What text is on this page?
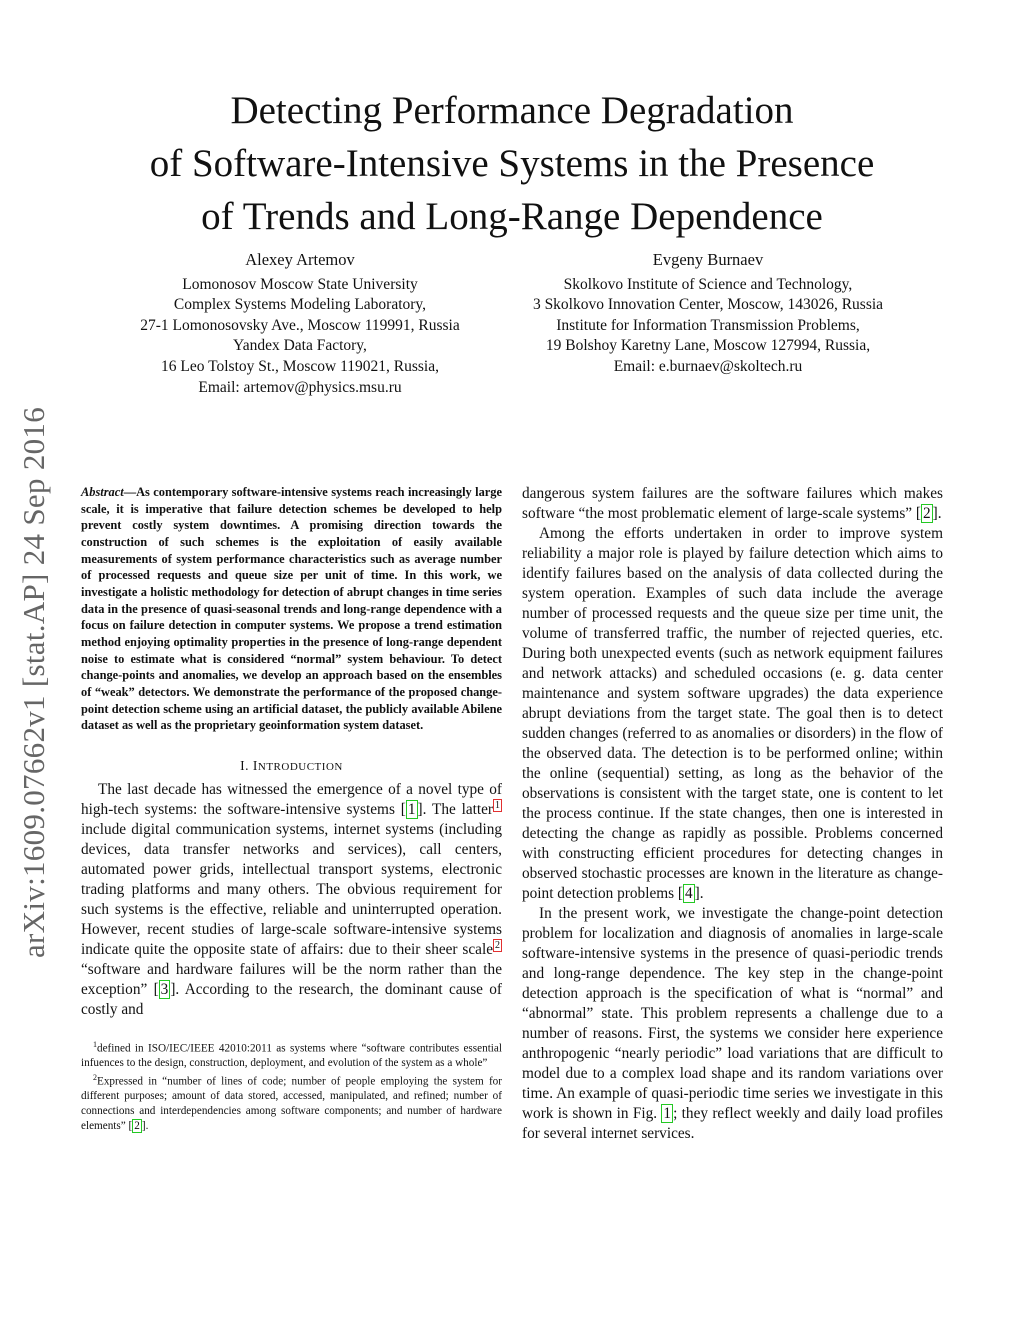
Detecting Performance Degradation
of Software-Intensive Systems in the Presence
of Trends and Long-Range Dependence
Alexey Artemov
Lomonosov Moscow State University
Complex Systems Modeling Laboratory,
27-1 Lomonosovsky Ave., Moscow 119991, Russia
Yandex Data Factory,
16 Leo Tolstoy St., Moscow 119021, Russia,
Email: artemov@physics.msu.ru
Evgeny Burnaev
Skolkovo Institute of Science and Technology,
3 Skolkovo Innovation Center, Moscow, 143026, Russia
Institute for Information Transmission Problems,
19 Bolshoy Karetny Lane, Moscow 127994, Russia,
Email: e.burnaev@skoltech.ru
arXiv:1609.07662v1 [stat.AP] 24 Sep 2016 Abstract—As contemporary software-intensive systems reach increasingly large scale, it is imperative that failure detection schemes be developed to help prevent costly system downtimes. A promising direction towards the construction of such schemes is the exploitation of easily available measurements of system performance characteristics such as average number of processed requests and queue size per unit of time. In this work, we investigate a holistic methodology for detection of abrupt changes in time series data in the presence of quasi-seasonal trends and long-range dependence with a focus on failure detection in computer systems. We propose a trend estimation method enjoying optimality properties in the presence of long-range dependent noise to estimate what is considered “normal” system behaviour. To detect change-points and anomalies, we develop an approach based on the ensembles of “weak” detectors. We demonstrate the performance of the proposed change-point detection scheme using an artificial dataset, the publicly available Abilene dataset as well as the proprietary geoinformation system dataset.

I. INTRODUCTION

The last decade has witnessed the emergence of a novel type of high-tech systems: the software-intensive systems [ 1 ]. The latter $^1$ include digital communication systems, internet systems (including devices, data transfer networks and services), call centers, automated power grids, intellectual transport systems, electronic trading platforms and many others. The obvious requirement for such systems is the effective, reliable and uninterrupted operation. However, recent studies of large-scale software-intensive systems indicate quite the opposite state of affairs: due to their sheer scale $^2$ “software and hardware failures will be the norm rather than the exception” [ 3 ]. According to the research, the dominant cause of costly and

$^1$defined in ISO/IEC/IEEE 42010:2011 as systems where “software contributes essential infuences to the design, construction, deployment, and evolution of the system as a whole”

$^2$Expressed in “number of lines of code; number of people employing the system for different purposes; amount of data stored, accessed, manipulated, and refined; number of connections and interdependencies among software components; and number of hardware elements” [ 2 ].

dangerous system failures are the software failures which makes software “the most problematic element of large-scale systems” [ 2 ].

Among the efforts undertaken in order to improve system reliability a major role is played by failure detection which aims to identify failures based on the analysis of data collected during the system operation. Examples of such data include the average number of processed requests and the queue size per time unit, the volume of transferred traffic, the number of rejected queries, etc. During both unexpected events (such as network equipment failures and network attacks) and scheduled occasions (e. g. data center maintenance and system software upgrades) the data experience abrupt deviations from the target state. The goal then is to detect sudden changes (referred to as anomalies or disorders) in the flow of the observed data. The detection is to be performed online; within the online (sequential) setting, as long as the behavior of the observations is consistent with the target state, one is content to let the process continue. If the state changes, then one is interested in detecting the change as rapidly as possible. Problems concerned with constructing efficient procedures for detecting changes in observed stochastic processes are known in the literature as change-point detection problems [ 4 ].

In the present work, we investigate the change-point detection problem for localization and diagnosis of anomalies in large-scale software-intensive systems in the presence of quasi-periodic trends and long-range dependence. The key step in the change-point detection approach is the specification of what is “normal” and “abnormal” state. This problem represents a challenge due to a number of reasons. First, the systems we consider here experience anthropogenic “nearly periodic” load variations that are difficult to model due to a complex load shape and its random variations over time. An example of quasi-periodic time series we investigate in this work is shown in Fig. 1 ; they reflect weekly and daily load profiles for several internet services.
